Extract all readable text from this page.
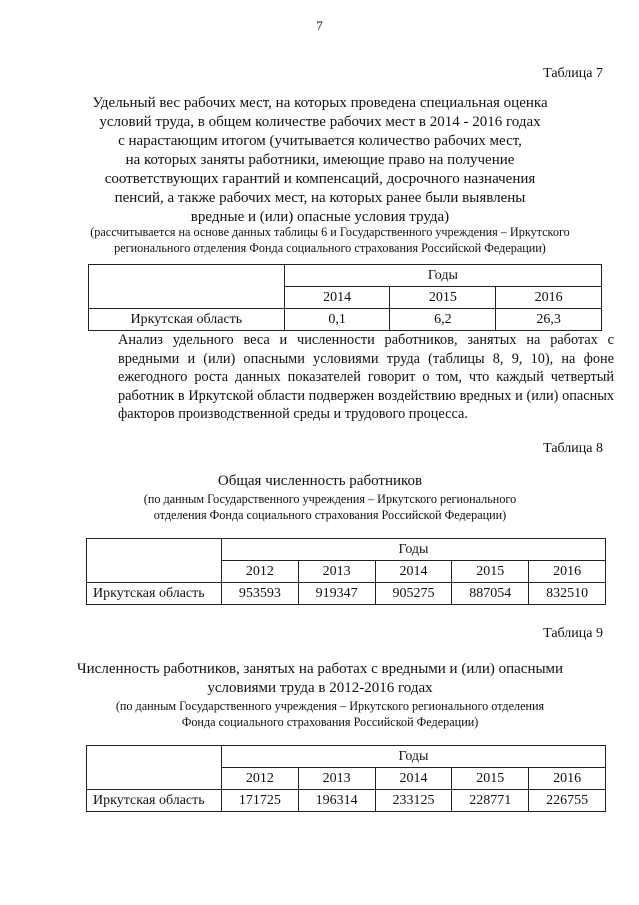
7
Таблица 7
Удельный вес рабочих мест, на которых проведена специальная оценка
условий труда, в общем количестве рабочих мест в 2014 - 2016 годах
с нарастающим итогом (учитывается количество рабочих мест,
на которых заняты работники, имеющие право на получение
соответствующих гарантий и компенсаций, досрочного назначения
пенсий, а также рабочих мест, на которых ранее были выявлены
вредные и (или) опасные условия труда)
(рассчитывается на основе данных таблицы 6 и Государственного учреждения – Иркутского
регионального отделения Фонда социального страхования Российской Федерации)
	Годы		
	2014	2015	2016
Иркутская область	0,1	6,2	26,3

Анализ удельного веса и численности работников, занятых на работах с вредными и (или) опасными условиями труда (таблицы 8, 9, 10), на фоне ежегодного роста данных показателей говорит о том, что каждый четвертый работник в Иркутской области подвержен воздействию вредных и (или) опасных факторов производственной среды и трудового процесса.

Таблица 8
Общая численность работников
(по данным Государственного учреждения – Иркутского регионального
отделения Фонда социального страхования Российской Федерации)
	Годы				
	2012	2013	2014	2015	2016
Иркутская область	953593	919347	905275	887054	832510
Таблица 9
Численность работников, занятых на работах с вредными и (или) опасными
условиями труда в 2012-2016 годах
(по данным Государственного учреждения – Иркутского регионального отделения
Фонда социального страхования Российской Федерации)
	Годы				
	2012	2013	2014	2015	2016
Иркутская область	171725	196314	233125	228771	226755
